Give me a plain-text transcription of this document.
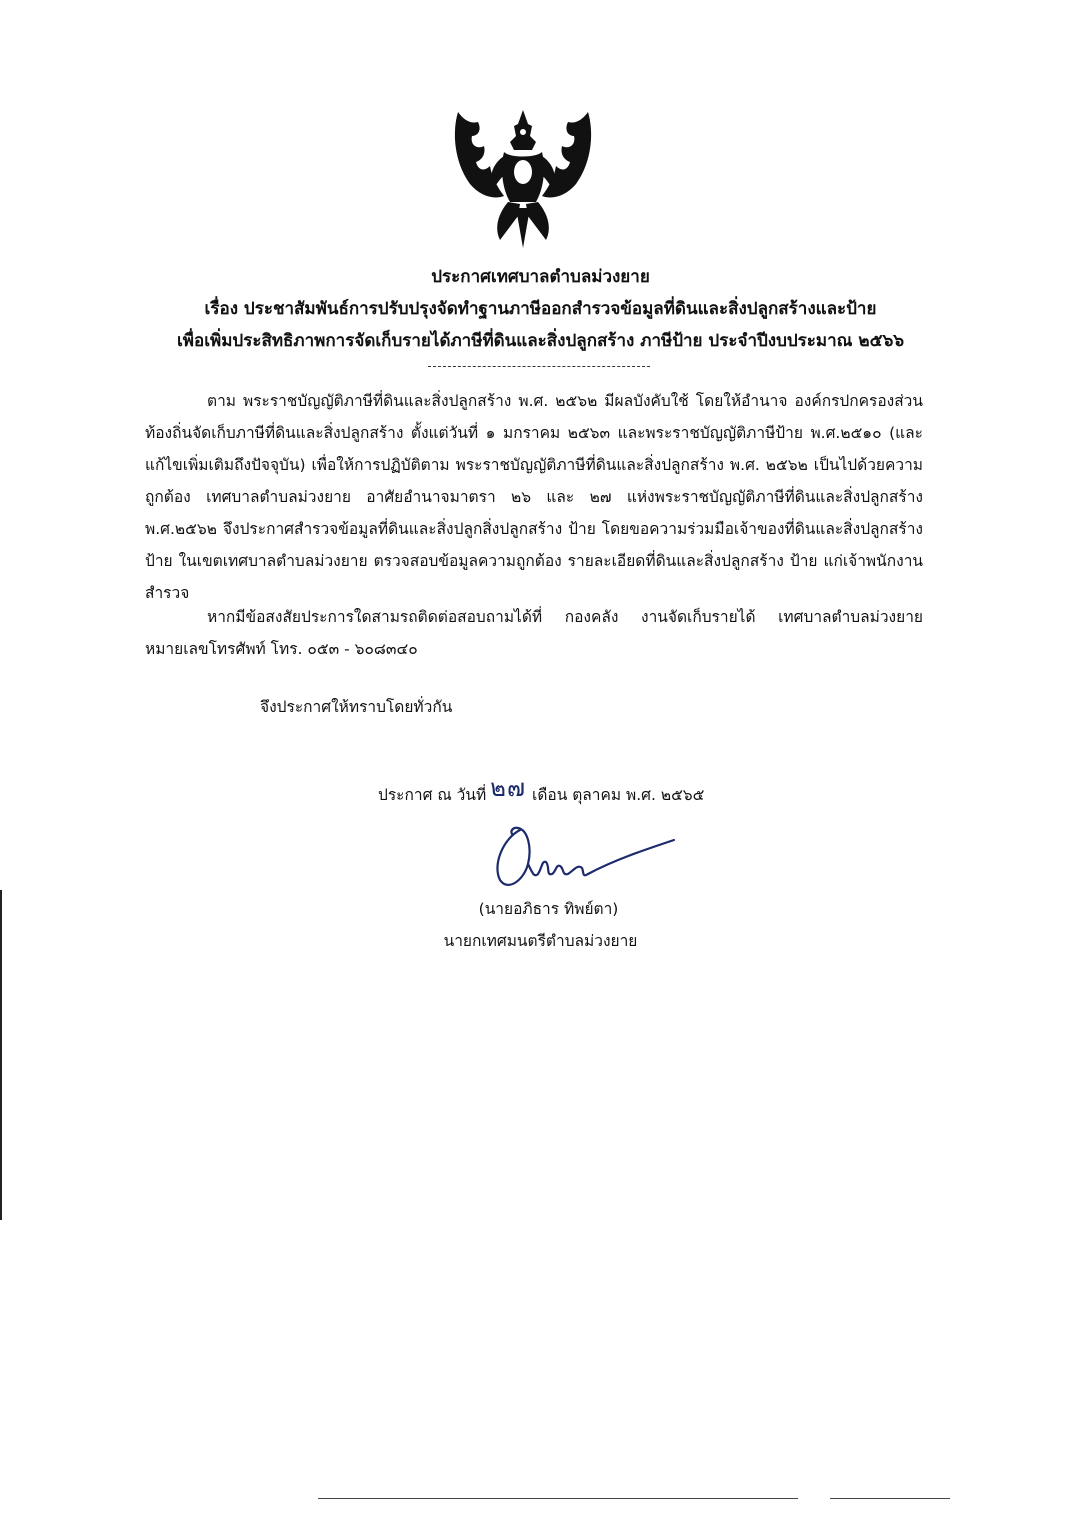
ประกาศเทศบาลตำบลม่วงยาย
เรื่อง ประชาสัมพันธ์การปรับปรุงจัดทำฐานภาษีออกสำรวจข้อมูลที่ดินและสิ่งปลูกสร้างและป้าย
เพื่อเพิ่มประสิทธิภาพการจัดเก็บรายได้ภาษีที่ดินและสิ่งปลูกสร้าง ภาษีป้าย ประจำปีงบประมาณ ๒๕๖๖

ตาม พระราชบัญญัติภาษีที่ดินและสิ่งปลูกสร้าง พ.ศ. ๒๕๖๒ มีผลบังคับใช้ โดยให้อำนาจ องค์กรปกครองส่วนท้องถิ่นจัดเก็บภาษีที่ดินและสิ่งปลูกสร้าง ตั้งแต่วันที่ ๑ มกราคม ๒๕๖๓ และพระราชบัญญัติภาษีป้าย พ.ศ.๒๕๑๐ (และแก้ไขเพิ่มเติมถึงปัจจุบัน) เพื่อให้การปฏิบัติตาม พระราชบัญญัติภาษีที่ดินและสิ่งปลูกสร้าง พ.ศ. ๒๕๖๒ เป็นไปด้วยความถูกต้อง เทศบาลตำบลม่วงยาย อาศัยอำนาจมาตรา ๒๖ และ ๒๗ แห่งพระราชบัญญัติภาษีที่ดินและสิ่งปลูกสร้าง พ.ศ.๒๕๖๒ จึงประกาศสำรวจข้อมูลที่ดินและสิ่งปลูกสิ่งปลูกสร้าง ป้าย โดยขอความร่วมมือเจ้าของที่ดินและสิ่งปลูกสร้าง ป้าย ในเขตเทศบาลตำบลม่วงยาย ตรวจสอบข้อมูลความถูกต้อง รายละเอียดที่ดินและสิ่งปลูกสร้าง ป้าย แก่เจ้าพนักงานสำรวจ

หากมีข้อสงสัยประการใดสามรถติดต่อสอบถามได้ที่ กองคลัง งานจัดเก็บรายได้ เทศบาลตำบลม่วงยาย หมายเลขโทรศัพท์ โทร. ๐๕๓ - ๖๐๘๓๔๐

จึงประกาศให้ทราบโดยทั่วกัน
ประกาศ ณ วันที่ ๒๗ เดือน ตุลาคม พ.ศ. ๒๕๖๕
(นายอภิธาร ทิพย์ตา)
นายกเทศมนตรีตำบลม่วงยาย
